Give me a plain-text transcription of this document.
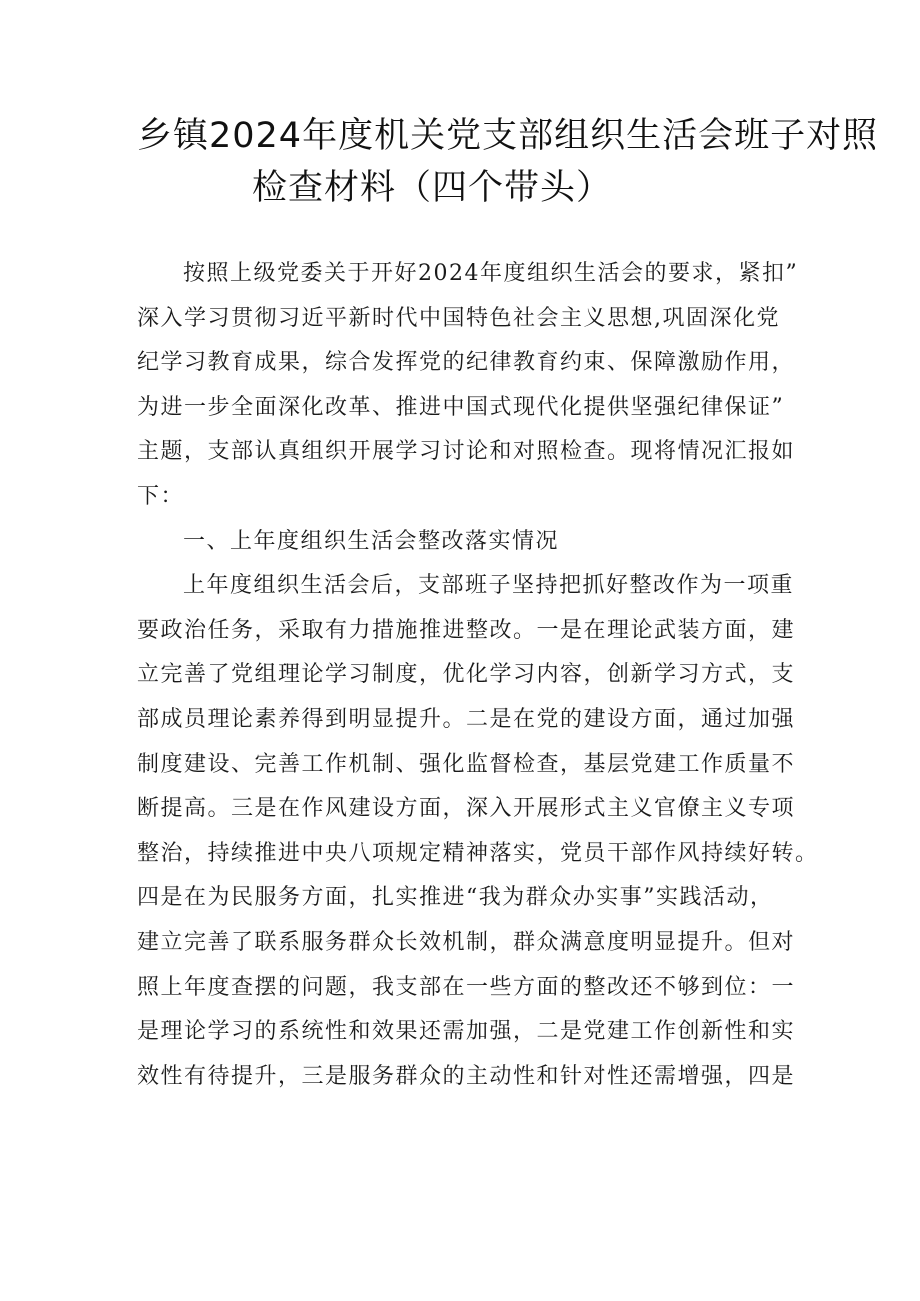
乡镇2024年度机关党支部组织生活会班子对照
检查材料（四个带头）
按照上级党委关于开好2024年度组织生活会的要求，紧扣”
深入学习贯彻习近平新时代中国特色社会主义思想,巩固深化党
纪学习教育成果，综合发挥党的纪律教育约束、保障激励作用，
为进一步全面深化改革、推进中国式现代化提供坚强纪律保证”
主题，支部认真组织开展学习讨论和对照检查。现将情况汇报如
下：
一、上年度组织生活会整改落实情况
上年度组织生活会后，支部班子坚持把抓好整改作为一项重
要政治任务，采取有力措施推进整改。一是在理论武装方面，建
立完善了党组理论学习制度，优化学习内容，创新学习方式，支
部成员理论素养得到明显提升。二是在党的建设方面，通过加强
制度建设、完善工作机制、强化监督检查，基层党建工作质量不
断提高。三是在作风建设方面，深入开展形式主义官僚主义专项
整治，持续推进中央八项规定精神落实，党员干部作风持续好转。
四是在为民服务方面，扎实推进“我为群众办实事”实践活动，
建立完善了联系服务群众长效机制，群众满意度明显提升。但对
照上年度查摆的问题，我支部在一些方面的整改还不够到位：一
是理论学习的系统性和效果还需加强，二是党建工作创新性和实
效性有待提升，三是服务群众的主动性和针对性还需增强，四是
